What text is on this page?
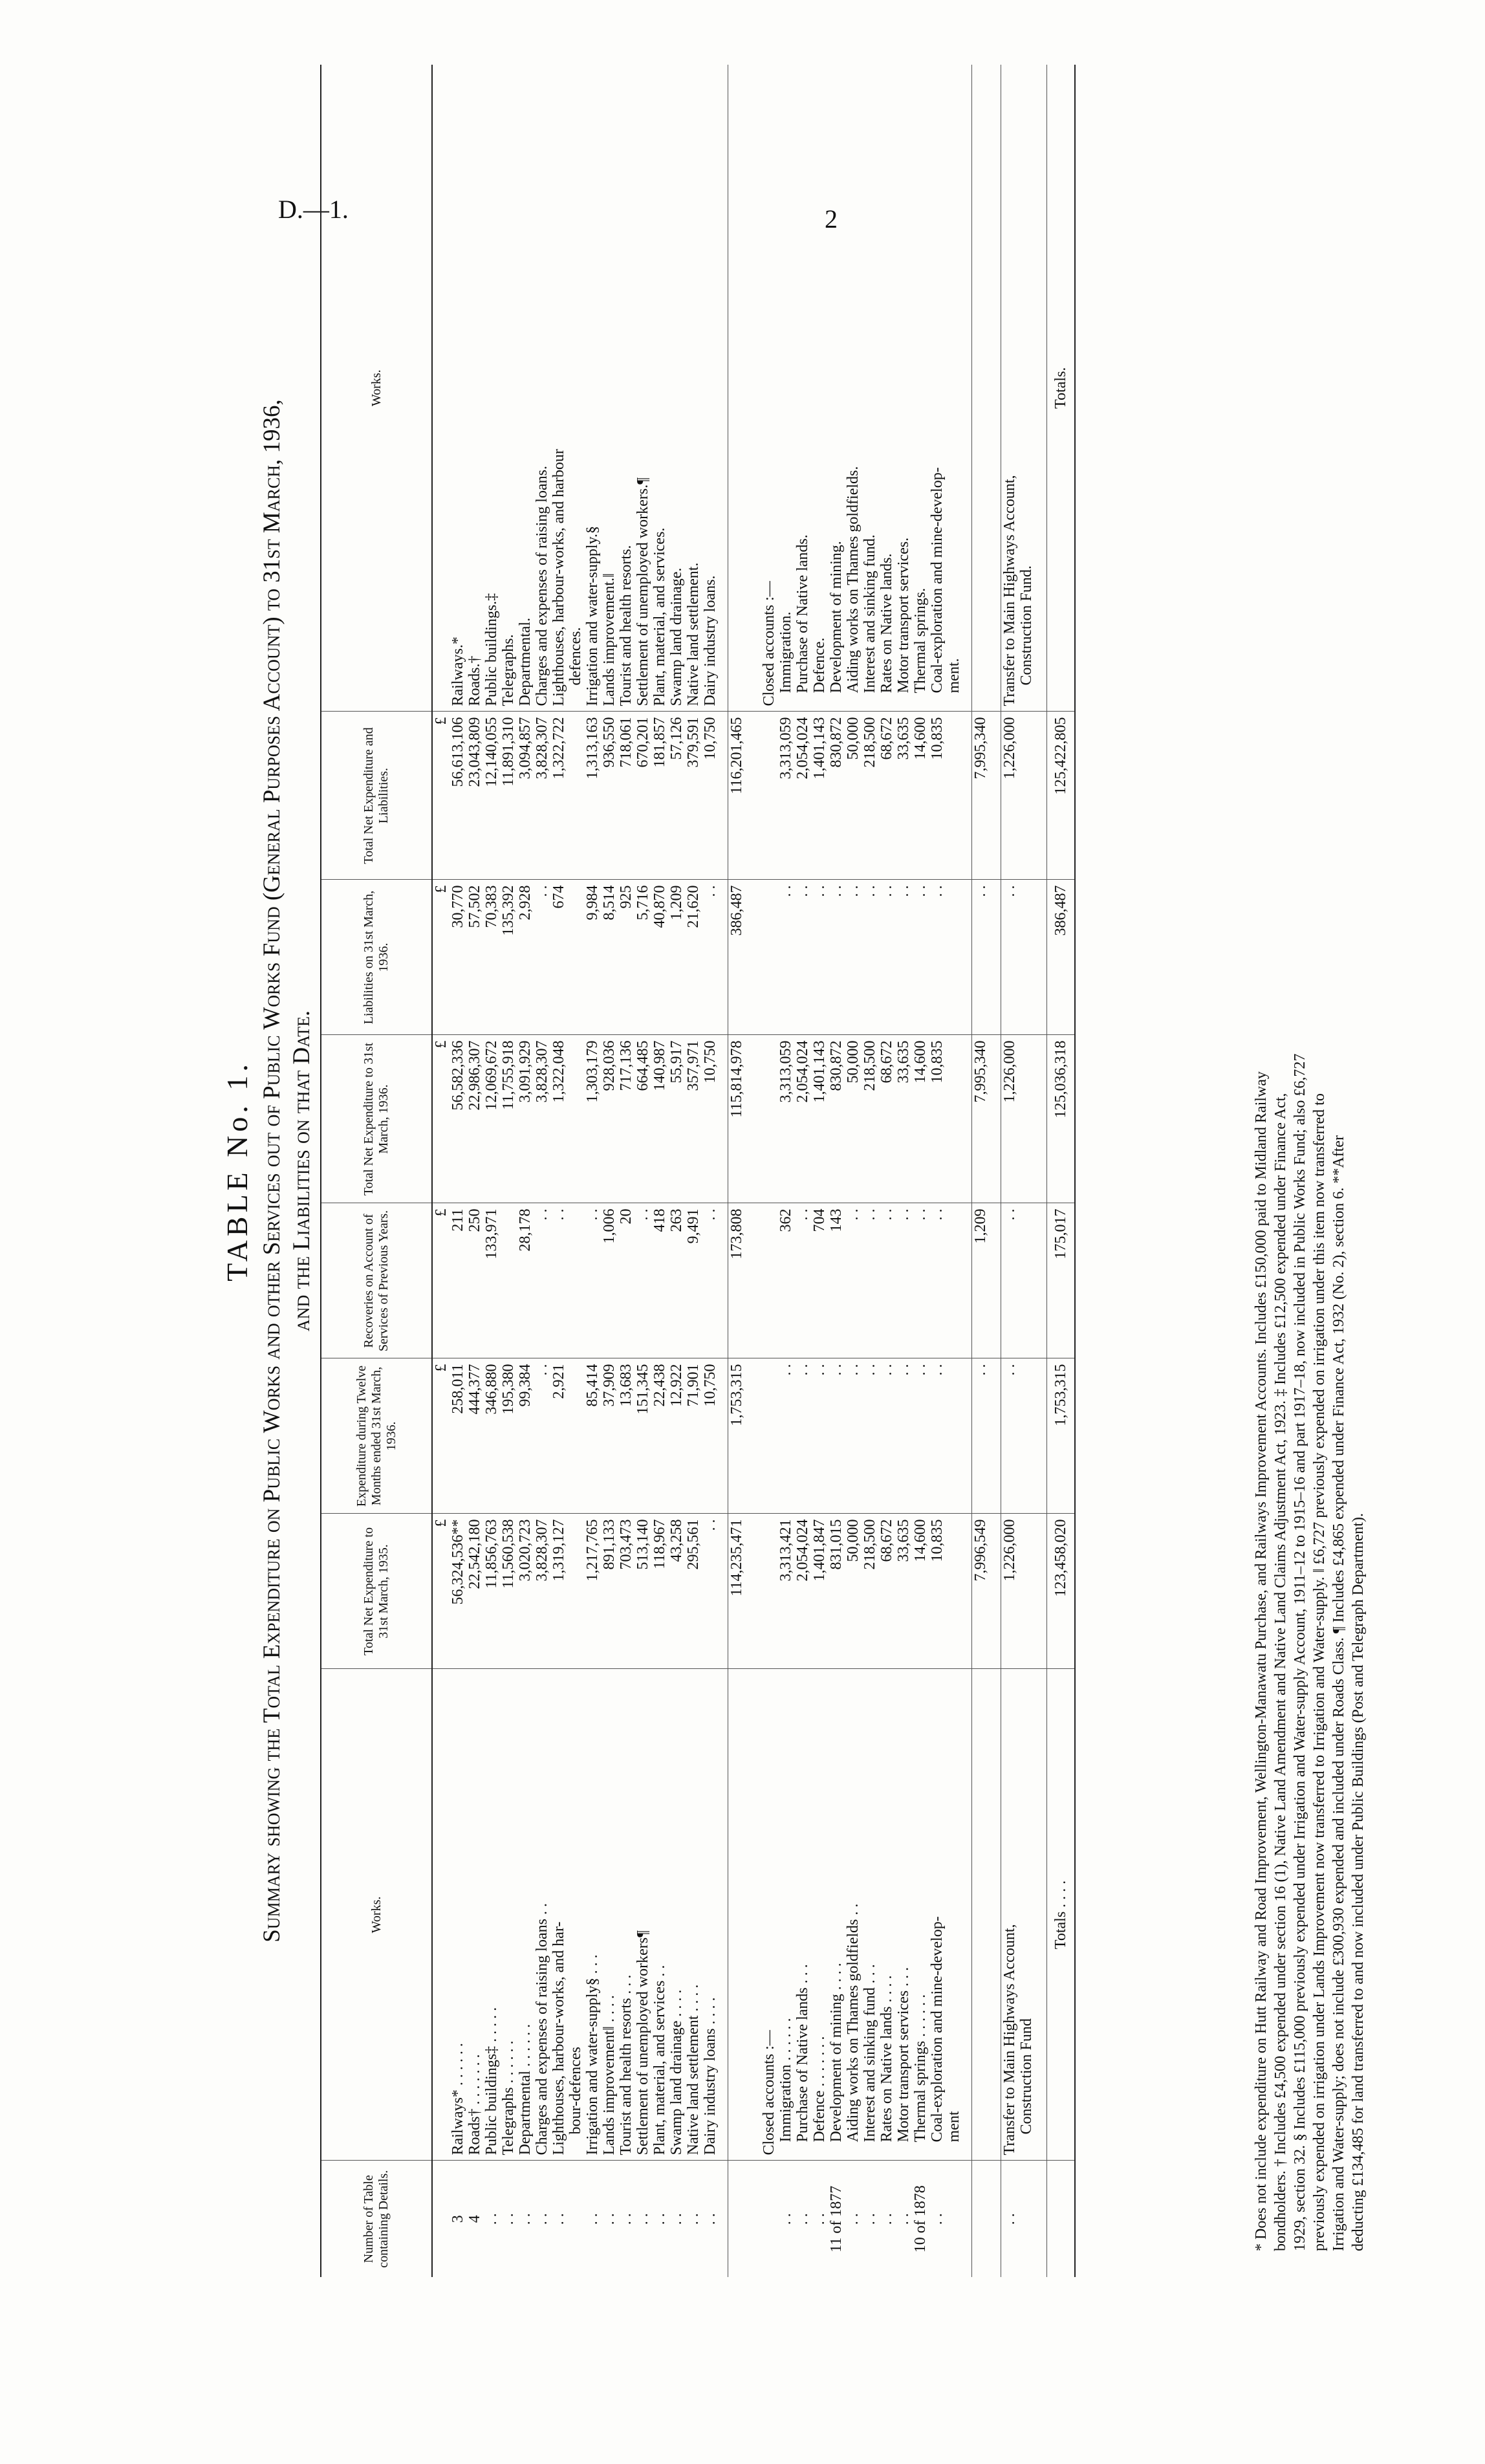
D.—1.	2
TABLE No. 1. Summary showing the Total Expenditure on Public Works and other Services out of Public Works Fund (General Purposes Account) to 31st March, 1936, and the Liabilities on that Date.
Number of Table containing Details.	Works.	Total Net Expenditure to 31st March, 1935.	Expenditure during Twelve Months ended 31st March, 1936.	Recoveries on Account of Services of Previous Years.	Total Net Expenditure to 31st March, 1936.	Liabilities on 31st March, 1936.	Total Net Expenditure and Liabilities.	Works.
		£	£	£	£	£	£	
3	Railways* . . . . . .	56,324,536**	258,011	211	56,582,336	30,770	56,613,106	Railways.*
4	Roads† . . . . . . .	22,542,180	444,377	250	22,986,307	57,502	23,043,809	Roads.†
. .	Public buildings‡ . . . . .	11,856,763	346,880	133,971	12,069,672	70,383	12,140,055	Public buildings.‡
. .	Telegraphs . . . . . .	11,560,538	195,380		11,755,918	135,392	11,891,310	Telegraphs.
. .	Departmental . . . . . .	3,020,723	99,384	28,178	3,091,929	2,928	3,094,857	Departmental.
. .	Charges and expenses of raising loans . .	3,828,307	. .	. .	3,828,307	. .	3,828,307	Charges and expenses of raising loans.
. .	Lighthouses, harbour-works, and har-	1,319,127	2,921	. .	1,322,048	674	1,322,722	Lighthouses, harbour-works, and harbour
	bour-defences							defences.

. .	Irrigation and water-supply§ . . .	1,217,765	85,414	. .	1,303,179	9,984	1,313,163	Irrigation and water-supply.§
. .	Lands improvement‖ . . . .	891,133	37,909	1,006	928,036	8,514	936,550	Lands improvement.‖
. .	Tourist and health resorts . . .	703,473	13,683	20	717,136	925	718,061	Tourist and health resorts.
. .	Settlement of unemployed workers¶	513,140	151,345	. .	664,485	5,716	670,201	Settlement of unemployed workers.¶
. .	Plant, material, and services . .	118,967	22,438	418	140,987	40,870	181,857	Plant, material, and services.
. .	Swamp land drainage . . . .	43,258	12,922	263	55,917	1,209	57,126	Swamp land drainage.
. .	Native land settlement . . . .	295,561	71,901	9,491	357,971	21,620	379,591	Native land settlement.
. .	Dairy industry loans . . . .	. .	10,750	. .	10,750	. .	10,750	Dairy industry loans.

		114,235,471	1,753,315	173,808	115,814,978	386,487	116,201,465	

	Closed accounts :—							Closed accounts :—
. .	Immigration . . . . . .	3,313,421	. .	362	3,313,059	. .	3,313,059	Immigration.
. .	Purchase of Native lands . . .	2,054,024	. .	. .	2,054,024	. .	2,054,024	Purchase of Native lands.
. .	Defence . . . . . . .	1,401,847	. .	704	1,401,143	. .	1,401,143	Defence.
11 of 1877	Development of mining . . . .	831,015	. .	143	830,872	. .	830,872	Development of mining.
. .	Aiding works on Thames goldfields . .	50,000	. .	. .	50,000	. .	50,000	Aiding works on Thames goldfields.
. .	Interest and sinking fund . . .	218,500	. .	. .	218,500	. .	218,500	Interest and sinking fund.
. .	Rates on Native lands . . . .	68,672	. .	. .	68,672	. .	68,672	Rates on Native lands.
. .	Motor transport services . . .	33,635	. .	. .	33,635	. .	33,635	Motor transport services.
10 of 1878	Thermal springs . . . . . .	14,600	. .	. .	14,600	. .	14,600	Thermal springs.
. .	Coal-exploration and mine-develop-	10,835	. .	. .	10,835	. .	10,835	Coal-exploration and mine-develop-
	ment							ment.

		7,996,549	. .	1,209	7,995,340	. .	7,995,340	

. .	Transfer to Main Highways Account,	1,226,000	. .	. .	1,226,000	. .	1,226,000	Transfer to Main Highways Account,
	Construction Fund							Construction Fund.

	Totals . . . .	123,458,020	1,753,315	175,017	125,036,318	386,487	125,422,805	Totals.
* Does not include expenditure on Hutt Railway and Road Improvement, Wellington-Manawatu Purchase, and Railways Improvement Accounts. Includes £150,000 paid to Midland Railway bondholders. † Includes £4,500 expended under section 16 (1), Native Land Amendment and Native Land Claims Adjustment Act, 1923. ‡ Includes £12,500 expended under Finance Act, 1929, section 32. § Includes £115,000 previously expended under Irrigation and Water-supply Account, 1911–12 to 1915–16 and part 1917–18, now included in Public Works Fund; also £6,727 previously expended on irrigation under Lands Improvement now transferred to Irrigation and Water-supply. ‖ £6,727 previously expended on irrigation under this item now transferred to Irrigation and Water-supply; does not include £300,930 expended and included under Roads Class. ¶ Includes £4,865 expended under Finance Act, 1932 (No. 2), section 6. **After deducting £134,485 for land transferred to and now included under Public Buildings (Post and Telegraph Department).
